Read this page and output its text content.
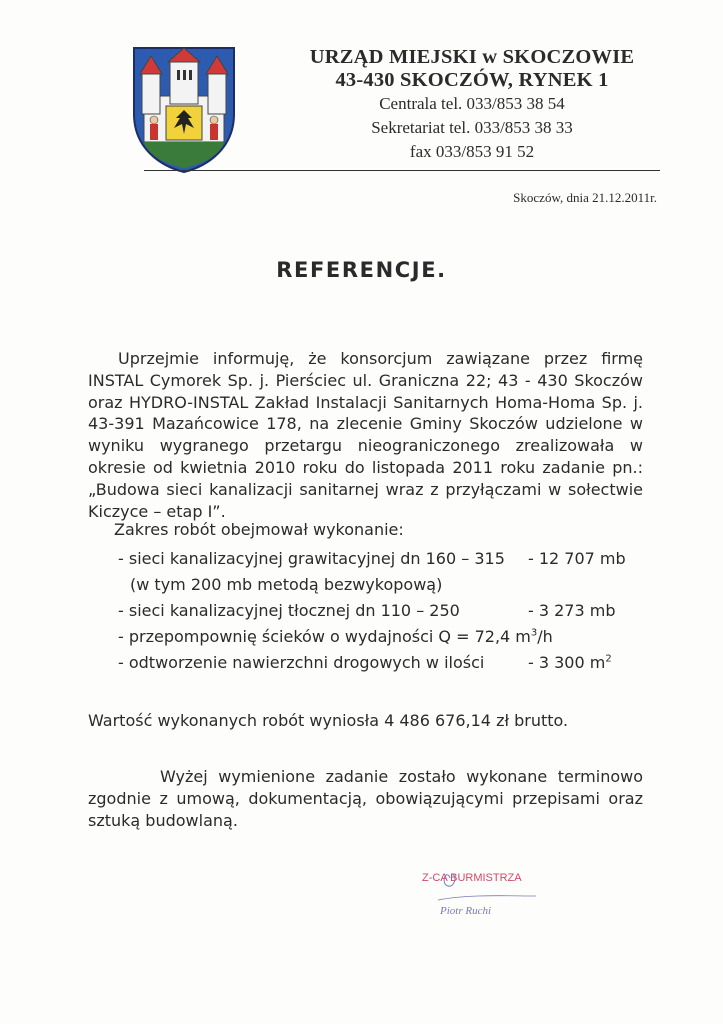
URZĄD MIEJSKI w SKOCZOWIE
43-430 SKOCZÓW, RYNEK 1
Centrala tel. 033/853 38 54
Sekretariat tel. 033/853 38 33
fax 033/853 91 52
Skoczów, dnia 21.12.2011r.
REFERENCJE.
Uprzejmie informuję, że konsorcjum zawiązane przez firmę INSTAL Cymorek Sp. j. Pierściec ul. Graniczna 22; 43 - 430 Skoczów oraz HYDRO-INSTAL Zakład Instalacji Sanitarnych Homa-Homa Sp. j. 43-391 Mazańcowice 178, na zlecenie Gminy Skoczów udzielone w wyniku wygranego przetargu nieograniczonego zrealizowała w okresie od kwietnia 2010 roku do listopada 2011 roku zadanie pn.: „Budowa sieci kanalizacji sanitarnej wraz z przyłączami w sołectwie Kiczyce – etap I”.
Zakres robót obejmował wykonanie:
- sieci kanalizacyjnej grawitacyjnej dn 160 – 315 - 12 707 mb
(w tym 200 mb metodą bezwykopową)
- sieci kanalizacyjnej tłocznej dn 110 – 250	- 3 273 mb
- przepompownię ścieków o wydajności Q = 72,4 $m^3/h$
- odtworzenie nawierzchni drogowych w ilości	- 3 300 $m^2$
Wartość wykonanych robót wyniosła 4 486 676,14 zł brutto.
Wyżej wymienione zadanie zostało wykonane terminowo zgodnie z umową, dokumentacją, obowiązującymi przepisami oraz sztuką budowlaną.
Z-CA BURMISTRZA
Piotr Ruchi
